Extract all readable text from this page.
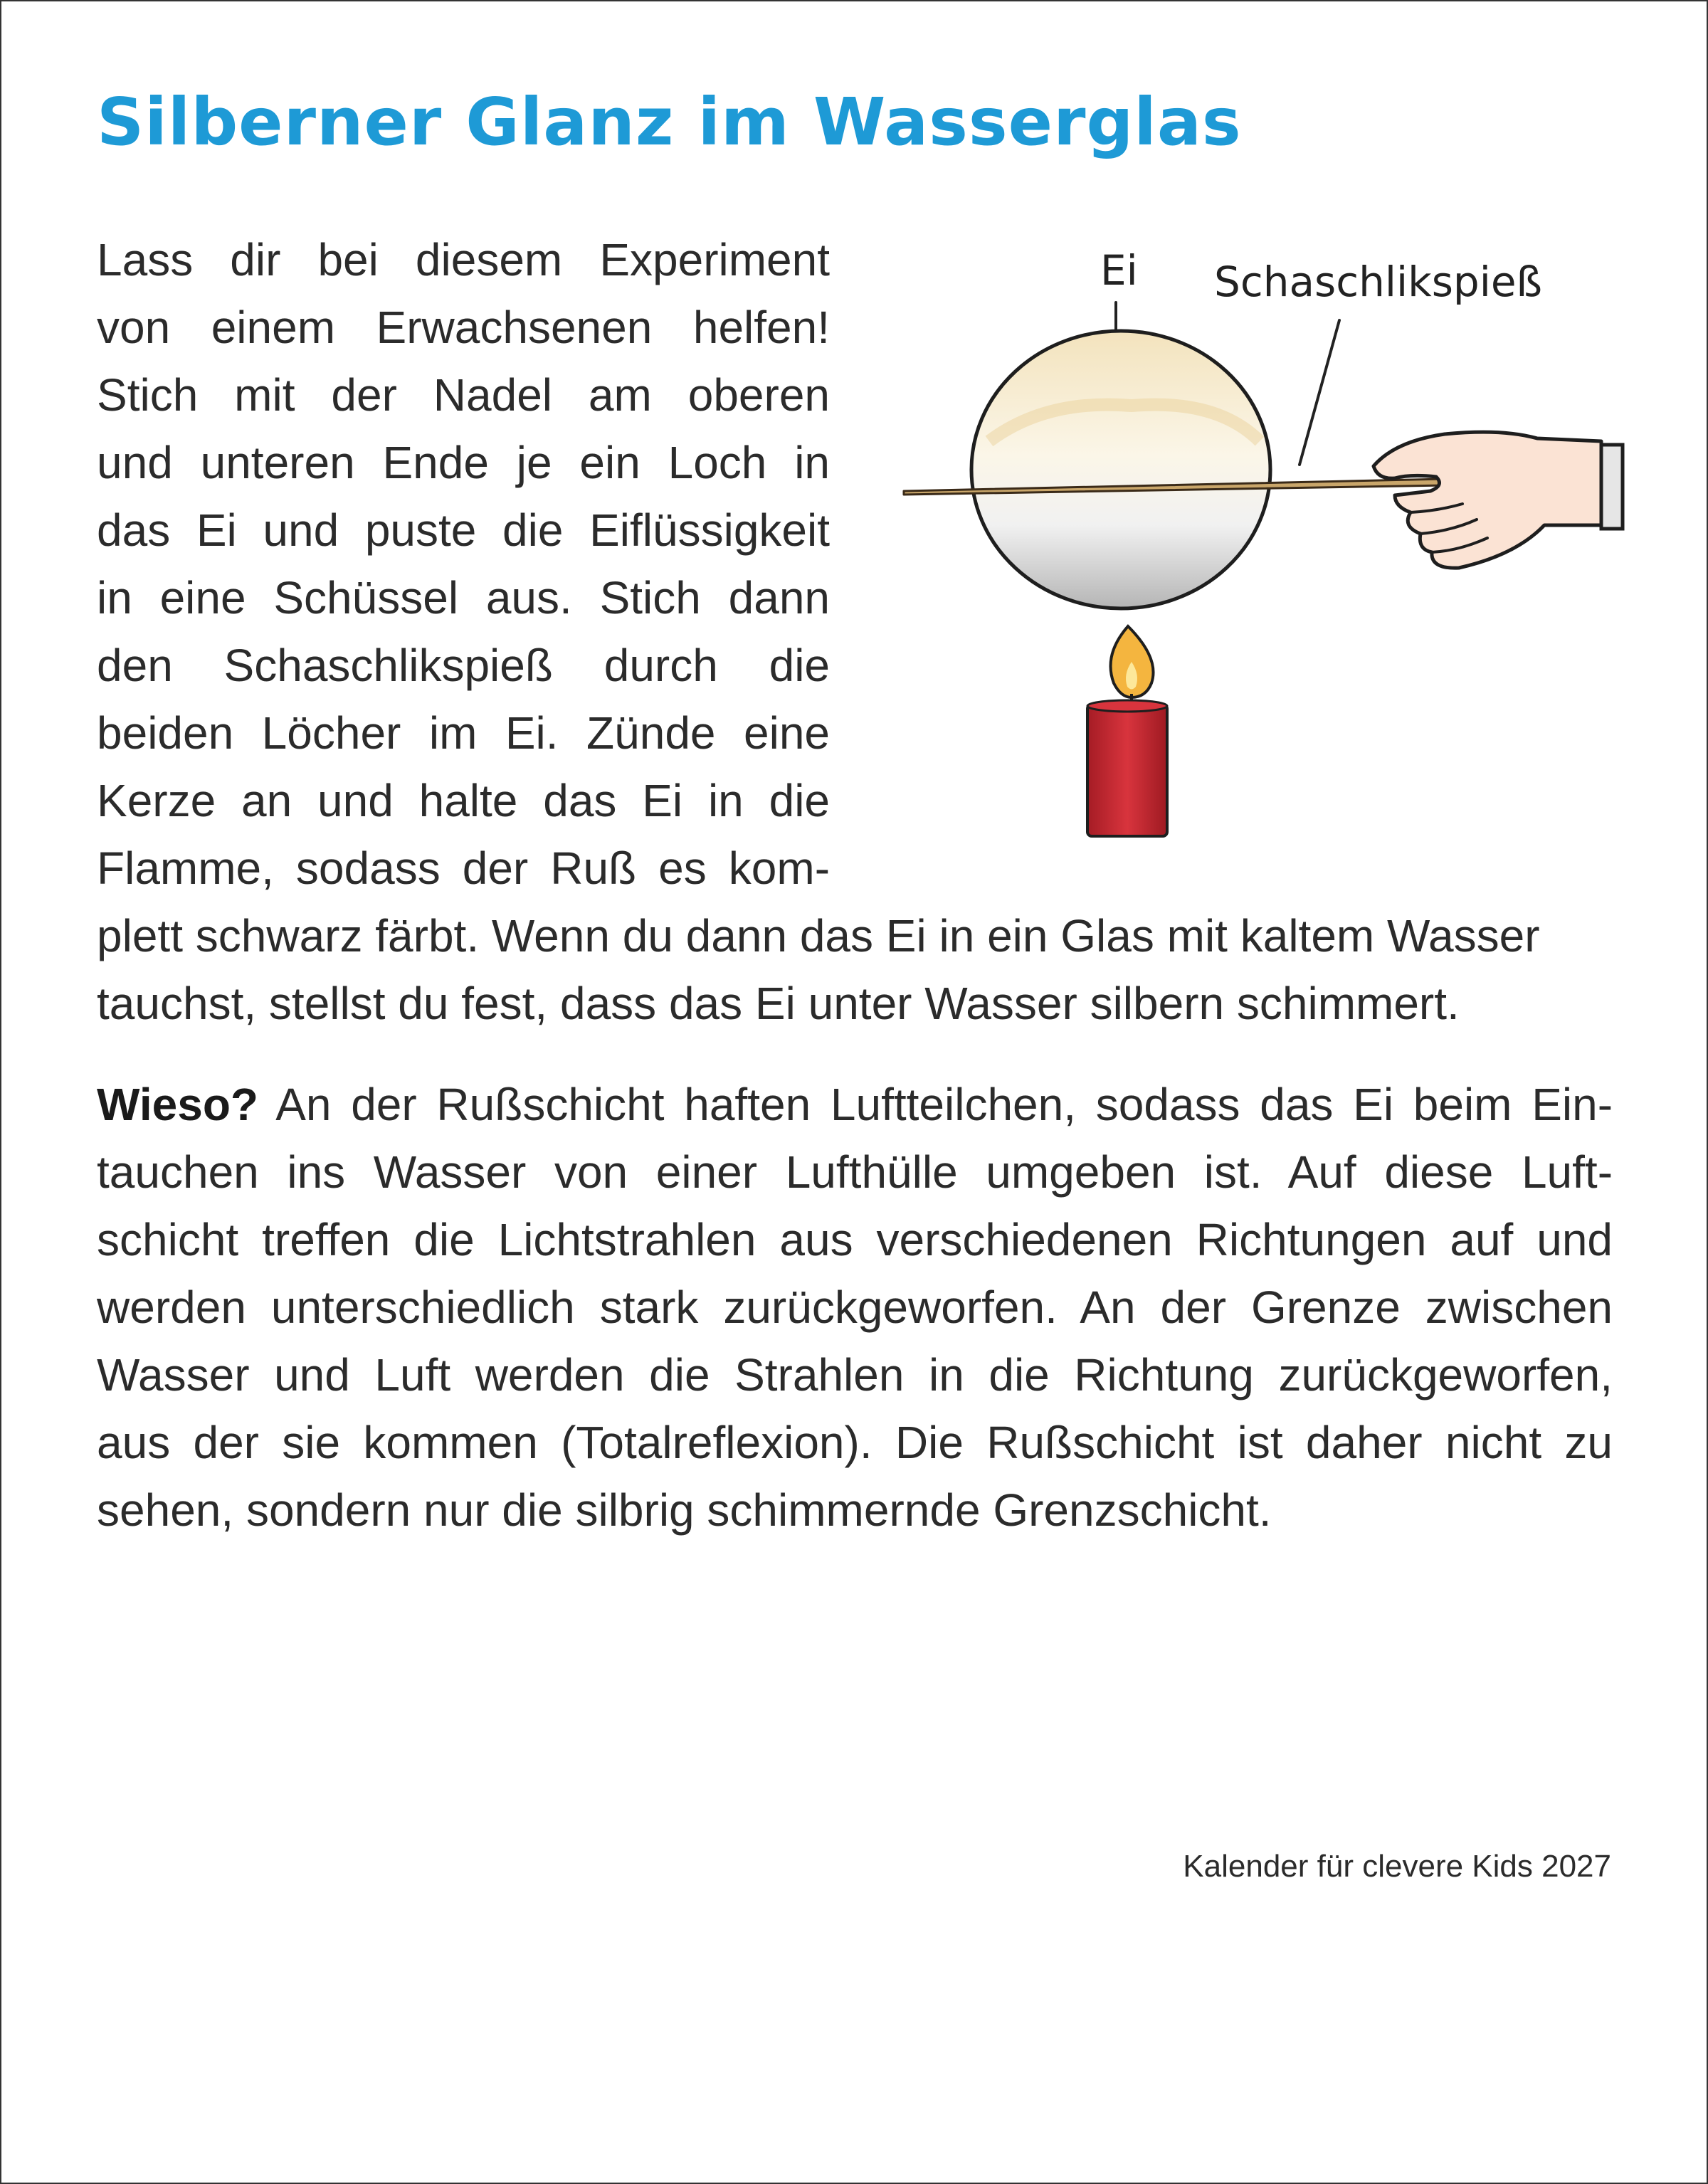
Silberner Glanz im Wasserglas
Ei Schaschlikspieß
Lass dir bei diesem Experiment
von einem Erwachsenen helfen!
Stich mit der Nadel am oberen
und unteren Ende je ein Loch in
das Ei und puste die Eiflüssigkeit
in eine Schüssel aus. Stich dann
den Schaschlikspieß durch die
beiden Löcher im Ei. Zünde eine
Kerze an und halte das Ei in die
Flamme, sodass der Ruß es kom-
plett schwarz färbt. Wenn du dann das Ei in ein Glas mit kaltem Wasser
tauchst, stellst du fest, dass das Ei unter Wasser silbern schimmert.
Wieso? An der Rußschicht haften Luftteilchen, sodass das Ei beim Ein-
tauchen ins Wasser von einer Lufthülle umgeben ist. Auf diese Luft-
schicht treffen die Lichtstrahlen aus verschiedenen Richtungen auf und
werden unterschiedlich stark zurückgeworfen. An der Grenze zwischen
Wasser und Luft werden die Strahlen in die Richtung zurückgeworfen,
aus der sie kommen (Totalreflexion). Die Rußschicht ist daher nicht zu
sehen, sondern nur die silbrig schimmernde Grenzschicht.
Kalender für clevere Kids 2027
